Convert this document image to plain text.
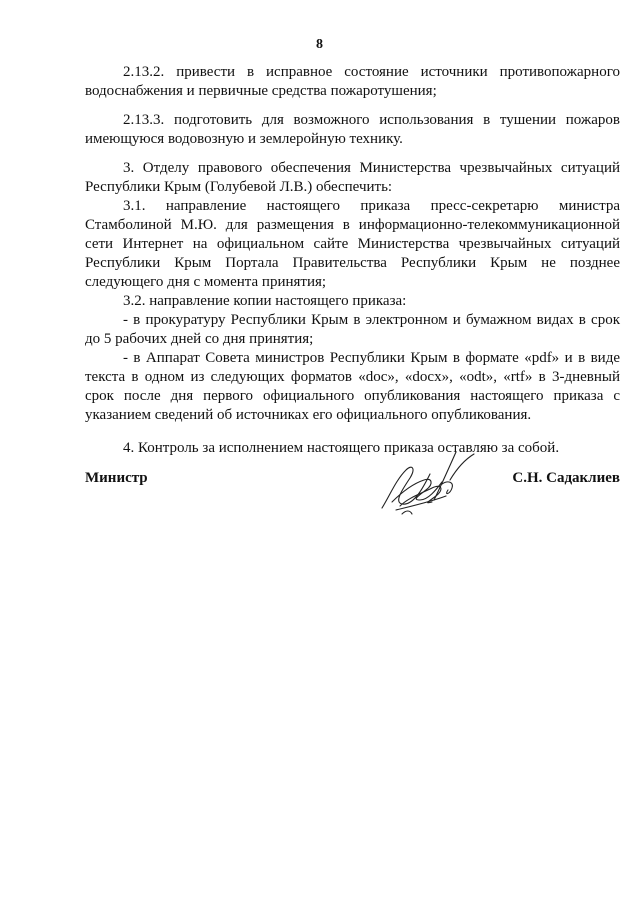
8

2.13.2. привести в исправное состояние источники противопожарного водоснабжения и первичные средства пожаротушения;

2.13.3. подготовить для возможного использования в тушении пожаров имеющуюся водовозную и землеройную технику.

3. Отделу правового обеспечения Министерства чрезвычайных ситуаций Республики Крым (Голубевой Л.В.) обеспечить:

3.1. направление настоящего приказа пресс-секретарю министра Стамболиной М.Ю. для размещения в информационно-телекоммуникационной сети Интернет на официальном сайте Министерства чрезвычайных ситуаций Республики Крым Портала Правительства Республики Крым не позднее следующего дня с момента принятия;

3.2. направление копии настоящего приказа:

- в прокуратуру Республики Крым в электронном и бумажном видах в срок до 5 рабочих дней со дня принятия;

- в Аппарат Совета министров Республики Крым в формате «pdf» и в виде текста в одном из следующих форматов «doc», «docx», «odt», «rtf» в 3-дневный срок после дня первого официального опубликования настоящего приказа с указанием сведений об источниках его официального опубликования.

4. Контроль за исполнением настоящего приказа оставляю за собой.

Министр	С.Н. Садаклиев
